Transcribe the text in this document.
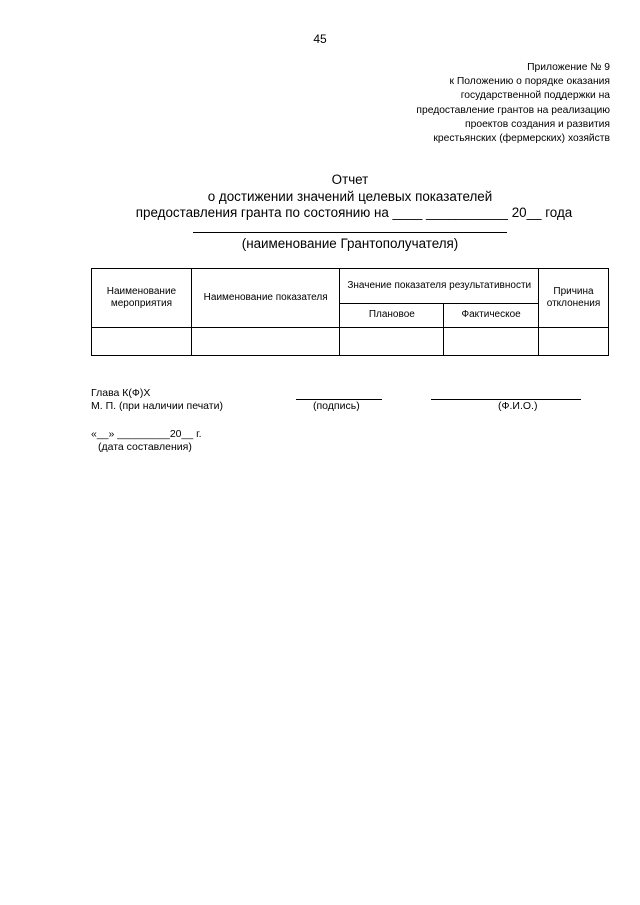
45
Приложение № 9
к Положению о порядке оказания
государственной поддержки на
предоставление грантов на реализацию
проектов создания и развития
крестьянских (фермерских) хозяйств
Отчет
о достижении значений целевых показателей
предоставления гранта по состоянию на ____ ___________ 20__ года
(наименование Грантополучателя)
Наименование мероприятия	Наименование показателя	Значение показателя результативности		Причина отклонения
		Плановое	Фактическое	

Глава К(Ф)Х
М. П. (при наличии печати)	(подпись)	(Ф.И.О.)
«__» _________20__ г.
(дата составления)
